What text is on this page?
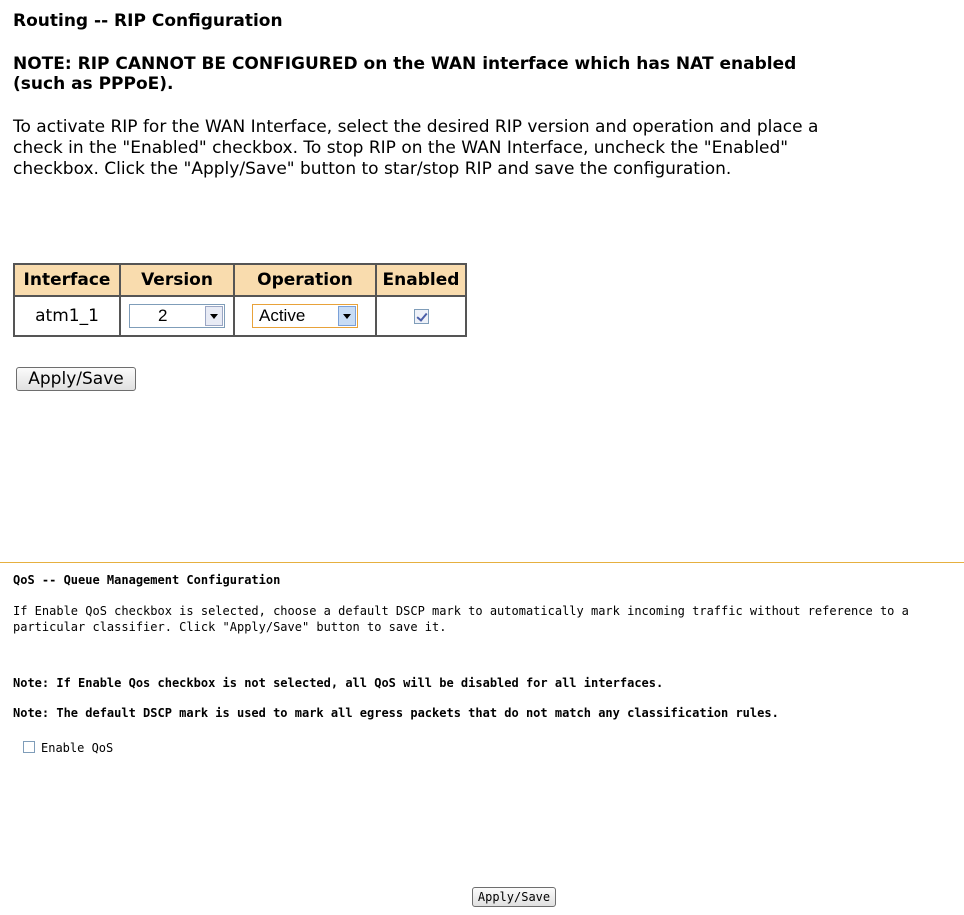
Routing -- RIP Configuration
NOTE: RIP CANNOT BE CONFIGURED on the WAN interface which has NAT enabled (such as PPPoE).
To activate RIP for the WAN Interface, select the desired RIP version and operation and place a check in the "Enabled" checkbox. To stop RIP on the WAN Interface, uncheck the "Enabled" checkbox. Click the "Apply/Save" button to star/stop RIP and save the configuration.
Interface	Version	Operation	Enabled
atm1_1	2	Active	

Apply/Save
QoS -- Queue Management Configuration
If Enable QoS checkbox is selected, choose a default DSCP mark to automatically mark incoming traffic without reference to a particular classifier. Click "Apply/Save" button to save it.
Note: If Enable Qos checkbox is not selected, all QoS will be disabled for all interfaces.
Note: The default DSCP mark is used to mark all egress packets that do not match any classification rules.
Enable QoS
Apply/Save
